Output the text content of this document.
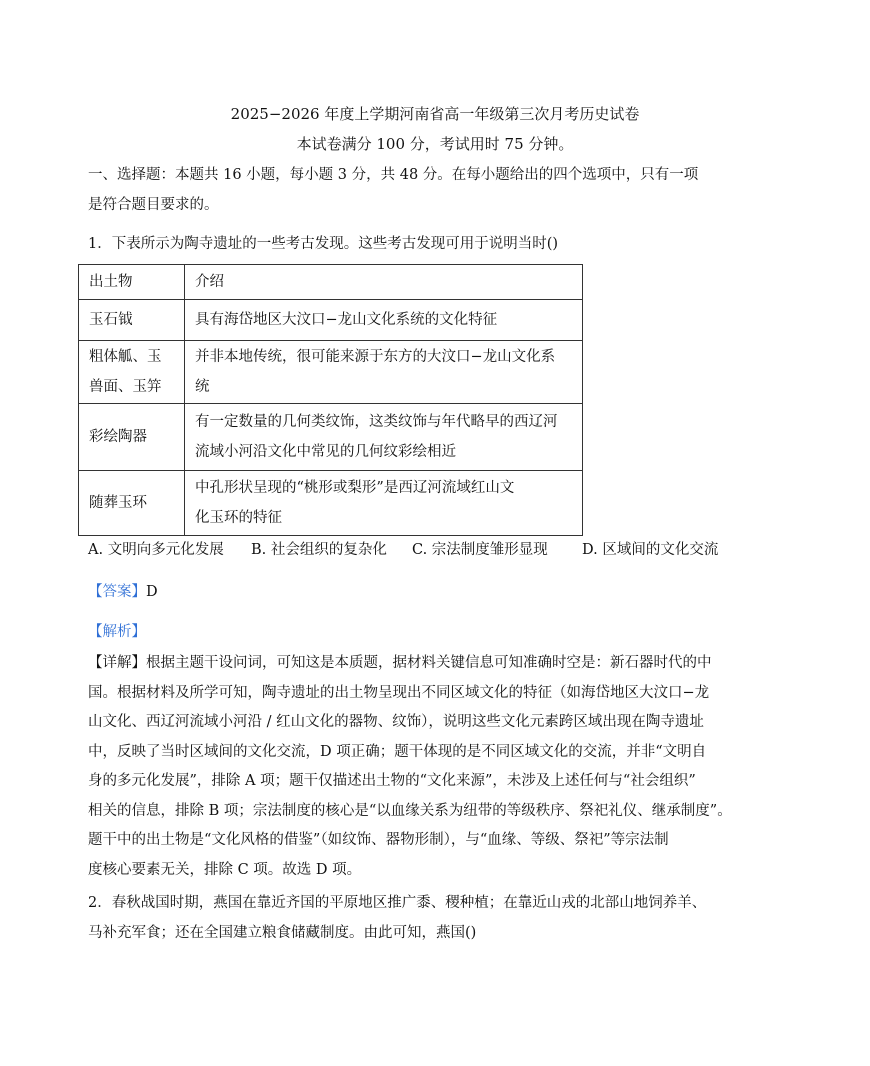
2025−2026 年度上学期河南省高一年级第三次月考历史试卷
本试卷满分 100 分，考试用时 75 分钟。
一、选择题：本题共 16 小题，每小题 3 分，共 48 分。在每小题给出的四个选项中，只有一项
是符合题目要求的。
1．下表所示为陶寺遗址的一些考古发现。这些考古发现可用于说明当时()
出土物	介绍
玉石钺	具有海岱地区大汶口−龙山文化系统的文化特征
粗体觚、玉兽面、玉笄	并非本地传统，很可能来源于东方的大汶口−龙山文化系
统

彩绘陶器	有一定数量的几何类纹饰，这类纹饰与年代略早的西辽河
流域小河沿文化中常见的几何纹彩绘相近

随葬玉环	中孔形状呈现的“桃形或梨形”是西辽河流域红山文
化玉环的特征
A. 文明向多元化发展 B. 社会组织的复杂化 C. 宗法制度雏形显现 D. 区域间的文化交流
【答案】D
【解析】
【详解】根据主题干设问词，可知这是本质题，据材料关键信息可知准确时空是：新石器时代的中
国。根据材料及所学可知，陶寺遗址的出土物呈现出不同区域文化的特征（如海岱地区大汶口−龙
山文化、西辽河流域小河沿 / 红山文化的器物、纹饰），说明这些文化元素跨区域出现在陶寺遗址
中，反映了当时区域间的文化交流，D 项正确；题干体现的是不同区域文化的交流，并非“文明自
身的多元化发展”，排除 A 项；题干仅描述出土物的“文化来源”，未涉及上述任何与“社会组织”
相关的信息，排除 B 项；宗法制度的核心是“以血缘关系为纽带的等级秩序、祭祀礼仪、继承制度”。
题干中的出土物是“文化风格的借鉴”（如纹饰、器物形制），与“血缘、等级、祭祀”等宗法制
度核心要素无关，排除 C 项。故选 D 项。
2．春秋战国时期，燕国在靠近齐国的平原地区推广黍、稷种植；在靠近山戎的北部山地饲养羊、
马补充军食；还在全国建立粮食储藏制度。由此可知，燕国()
